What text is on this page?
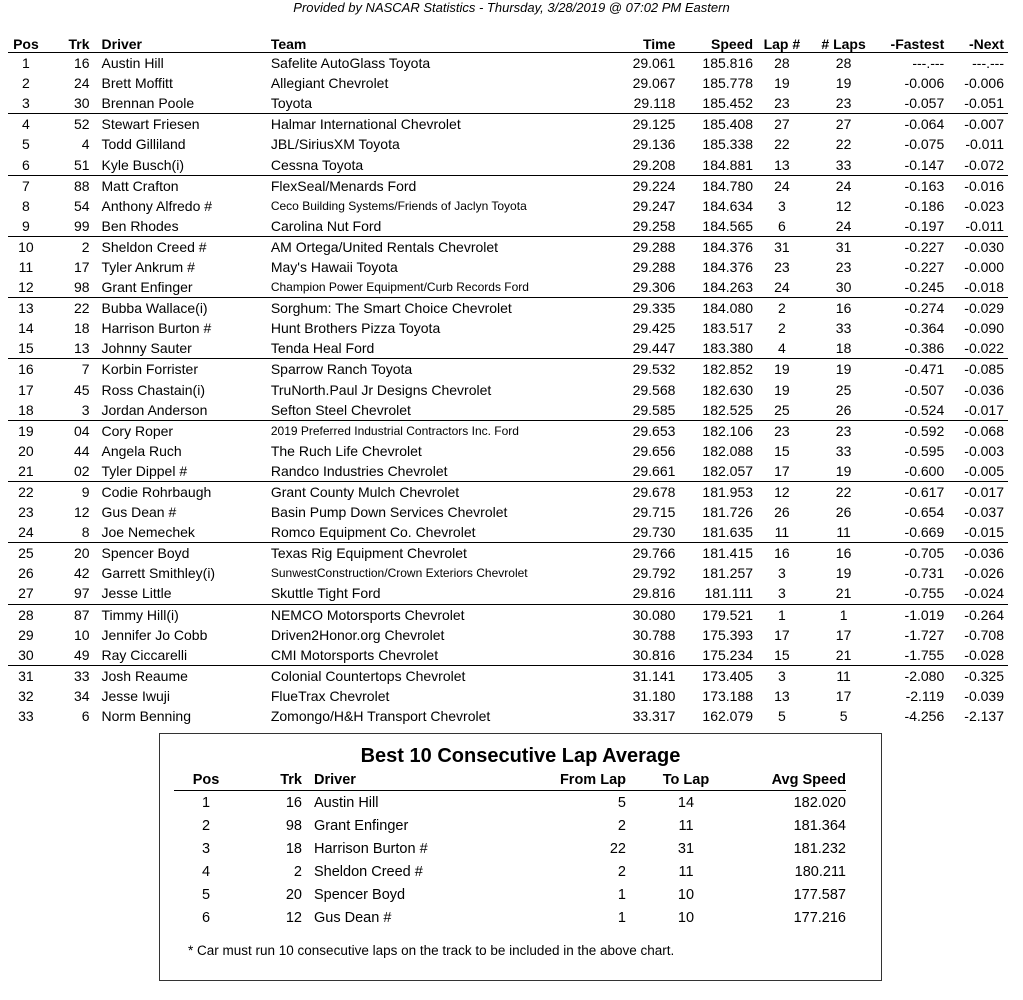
Provided by NASCAR Statistics - Thursday, 3/28/2019 @ 07:02 PM Eastern
Pos	Trk	Driver	Team	Time	Speed	Lap #	# Laps	-Fastest	-Next
1	16	Austin Hill	Safelite AutoGlass Toyota	29.061	185.816	28	28	---.---	---.---
2	24	Brett Moffitt	Allegiant Chevrolet	29.067	185.778	19	19	-0.006	-0.006
3	30	Brennan Poole	Toyota	29.118	185.452	23	23	-0.057	-0.051
4	52	Stewart Friesen	Halmar International Chevrolet	29.125	185.408	27	27	-0.064	-0.007
5	4	Todd Gilliland	JBL/SiriusXM Toyota	29.136	185.338	22	22	-0.075	-0.011
6	51	Kyle Busch(i)	Cessna Toyota	29.208	184.881	13	33	-0.147	-0.072
7	88	Matt Crafton	FlexSeal/Menards Ford	29.224	184.780	24	24	-0.163	-0.016
8	54	Anthony Alfredo #	Ceco Building Systems/Friends of Jaclyn Toyota	29.247	184.634	3	12	-0.186	-0.023
9	99	Ben Rhodes	Carolina Nut Ford	29.258	184.565	6	24	-0.197	-0.011
10	2	Sheldon Creed #	AM Ortega/United Rentals Chevrolet	29.288	184.376	31	31	-0.227	-0.030
11	17	Tyler Ankrum #	May's Hawaii Toyota	29.288	184.376	23	23	-0.227	-0.000
12	98	Grant Enfinger	Champion Power Equipment/Curb Records Ford	29.306	184.263	24	30	-0.245	-0.018
13	22	Bubba Wallace(i)	Sorghum: The Smart Choice Chevrolet	29.335	184.080	2	16	-0.274	-0.029
14	18	Harrison Burton #	Hunt Brothers Pizza Toyota	29.425	183.517	2	33	-0.364	-0.090
15	13	Johnny Sauter	Tenda Heal Ford	29.447	183.380	4	18	-0.386	-0.022
16	7	Korbin Forrister	Sparrow Ranch Toyota	29.532	182.852	19	19	-0.471	-0.085
17	45	Ross Chastain(i)	TruNorth.Paul Jr Designs Chevrolet	29.568	182.630	19	25	-0.507	-0.036
18	3	Jordan Anderson	Sefton Steel Chevrolet	29.585	182.525	25	26	-0.524	-0.017
19	04	Cory Roper	2019 Preferred Industrial Contractors Inc. Ford	29.653	182.106	23	23	-0.592	-0.068
20	44	Angela Ruch	The Ruch Life Chevrolet	29.656	182.088	15	33	-0.595	-0.003
21	02	Tyler Dippel #	Randco Industries Chevrolet	29.661	182.057	17	19	-0.600	-0.005
22	9	Codie Rohrbaugh	Grant County Mulch Chevrolet	29.678	181.953	12	22	-0.617	-0.017
23	12	Gus Dean #	Basin Pump Down Services Chevrolet	29.715	181.726	26	26	-0.654	-0.037
24	8	Joe Nemechek	Romco Equipment Co. Chevrolet	29.730	181.635	11	11	-0.669	-0.015
25	20	Spencer Boyd	Texas Rig Equipment Chevrolet	29.766	181.415	16	16	-0.705	-0.036
26	42	Garrett Smithley(i)	SunwestConstruction/Crown Exteriors Chevrolet	29.792	181.257	3	19	-0.731	-0.026
27	97	Jesse Little	Skuttle Tight Ford	29.816	181.111	3	21	-0.755	-0.024
28	87	Timmy Hill(i)	NEMCO Motorsports Chevrolet	30.080	179.521	1	1	-1.019	-0.264
29	10	Jennifer Jo Cobb	Driven2Honor.org Chevrolet	30.788	175.393	17	17	-1.727	-0.708
30	49	Ray Ciccarelli	CMI Motorsports Chevrolet	30.816	175.234	15	21	-1.755	-0.028
31	33	Josh Reaume	Colonial Countertops Chevrolet	31.141	173.405	3	11	-2.080	-0.325
32	34	Jesse Iwuji	FlueTrax Chevrolet	31.180	173.188	13	17	-2.119	-0.039
33	6	Norm Benning	Zomongo/H&H Transport Chevrolet	33.317	162.079	5	5	-4.256	-2.137
Best 10 Consecutive Lap Average
Pos	Trk	Driver	From Lap	To Lap	Avg Speed
1	16	Austin Hill	5	14	182.020
2	98	Grant Enfinger	2	11	181.364
3	18	Harrison Burton #	22	31	181.232
4	2	Sheldon Creed #	2	11	180.211
5	20	Spencer Boyd	1	10	177.587
6	12	Gus Dean #	1	10	177.216
* Car must run 10 consecutive laps on the track to be included in the above chart.
